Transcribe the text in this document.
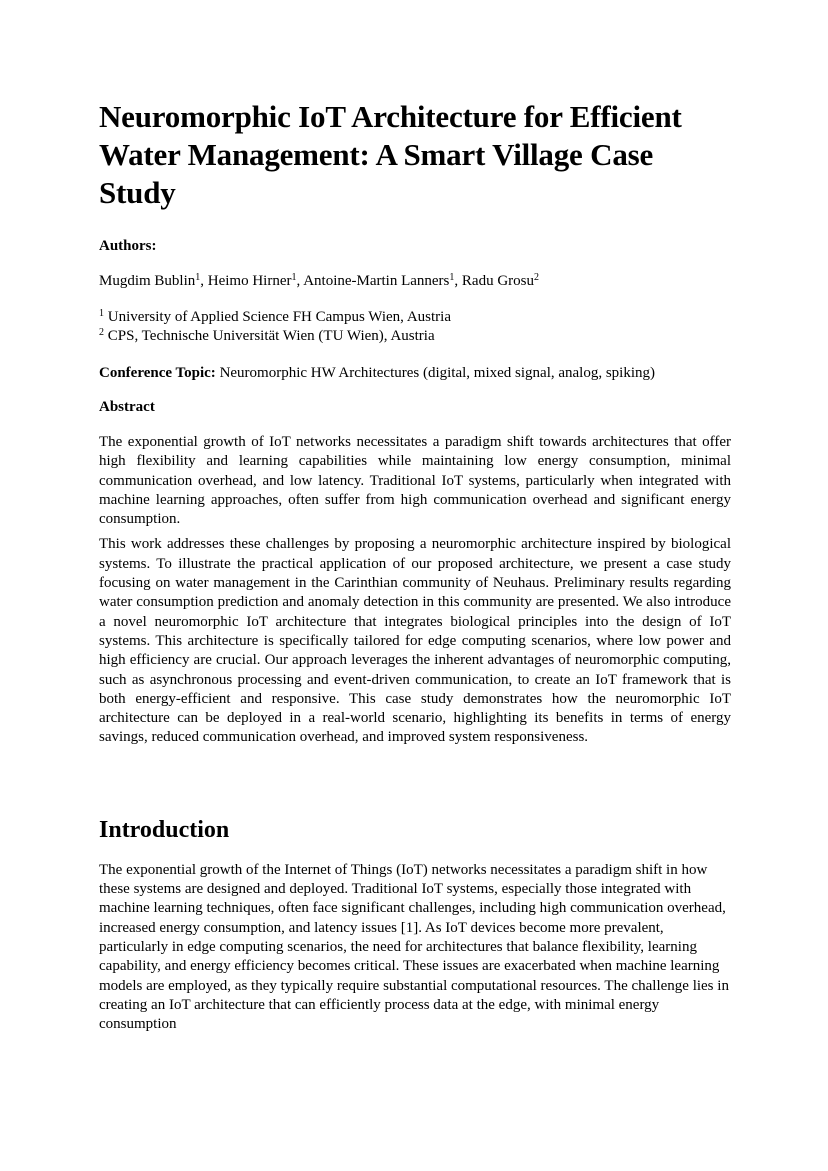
Neuromorphic IoT Architecture for Efficient Water Management: A Smart Village Case Study
Authors:
Mugdim Bublin$^1$, Heimo Hirner$^1$, Antoine-Martin Lanners$^1$, Radu Grosu$^2$
$^1$ University of Applied Science FH Campus Wien, Austria
$^2$ CPS, Technische Universität Wien (TU Wien), Austria
Conference Topic: Neuromorphic HW Architectures (digital, mixed signal, analog, spiking)
Abstract

The exponential growth of IoT networks necessitates a paradigm shift towards architectures that offer high flexibility and learning capabilities while maintaining low energy consumption, minimal communication overhead, and low latency. Traditional IoT systems, particularly when integrated with machine learning approaches, often suffer from high communication overhead and significant energy consumption.

This work addresses these challenges by proposing a neuromorphic architecture inspired by biological systems. To illustrate the practical application of our proposed architecture, we present a case study focusing on water management in the Carinthian community of Neuhaus. Preliminary results regarding water consumption prediction and anomaly detection in this community are presented. We also introduce a novel neuromorphic IoT architecture that integrates biological principles into the design of IoT systems. This architecture is specifically tailored for edge computing scenarios, where low power and high efficiency are crucial. Our approach leverages the inherent advantages of neuromorphic computing, such as asynchronous processing and event-driven communication, to create an IoT framework that is both energy-efficient and responsive. This case study demonstrates how the neuromorphic IoT architecture can be deployed in a real-world scenario, highlighting its benefits in terms of energy savings, reduced communication overhead, and improved system responsiveness.

Introduction

The exponential growth of the Internet of Things (IoT) networks necessitates a paradigm shift in how these systems are designed and deployed. Traditional IoT systems, especially those integrated with machine learning techniques, often face significant challenges, including high communication overhead, increased energy consumption, and latency issues [1]. As IoT devices become more prevalent, particularly in edge computing scenarios, the need for architectures that balance flexibility, learning capability, and energy efficiency becomes critical. These issues are exacerbated when machine learning models are employed, as they typically require substantial computational resources. The challenge lies in creating an IoT architecture that can efficiently process data at the edge, with minimal energy consumption
